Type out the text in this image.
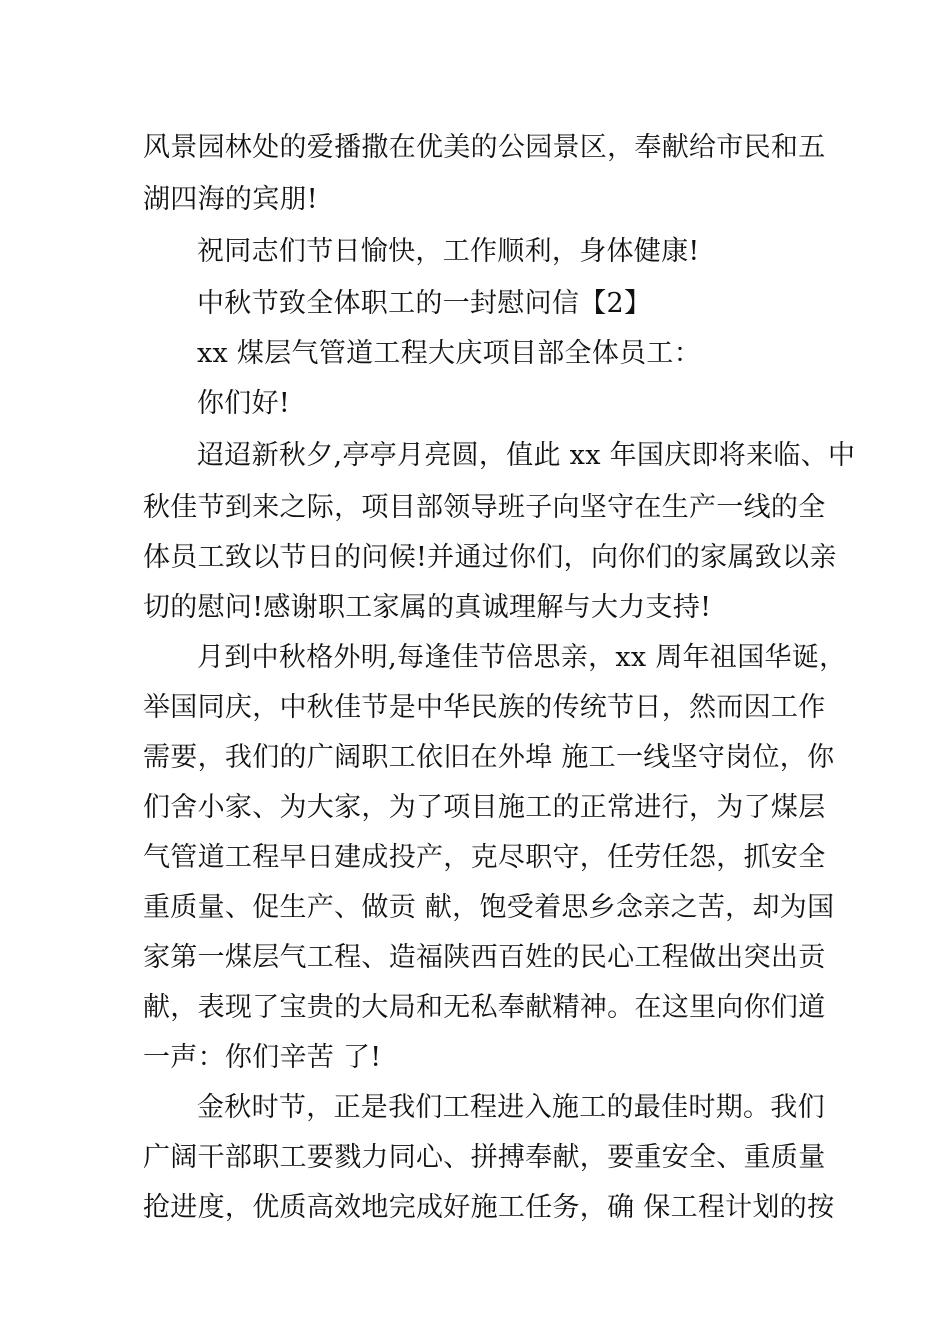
风景园林处的爱播撒在优美的公园景区，奉献给市民和五
湖四海的宾朋!
祝同志们节日愉快，工作顺利，身体健康!
中秋节致全体职工的一封慰问信【2】
xx 煤层气管道工程大庆项目部全体员工：
你们好!
迢迢新秋夕,亭亭月亮圆，值此 xx 年国庆即将来临、中
秋佳节到来之际，项目部领导班子向坚守在生产一线的全
体员工致以节日的问候!并通过你们，向你们的家属致以亲
切的慰问!感谢职工家属的真诚理解与大力支持!
月到中秋格外明,每逢佳节倍思亲，xx 周年祖国华诞，
举国同庆，中秋佳节是中华民族的传统节日，然而因工作
需要，我们的广阔职工依旧在外埠 施工一线坚守岗位，你
们舍小家、为大家，为了项目施工的正常进行，为了煤层
气管道工程早日建成投产，克尽职守，任劳任怨，抓安全
重质量、促生产、做贡 献，饱受着思乡念亲之苦，却为国
家第一煤层气工程、造福陕西百姓的民心工程做出突出贡
献，表现了宝贵的大局和无私奉献精神。在这里向你们道
一声：你们辛苦 了!
金秋时节，正是我们工程进入施工的最佳时期。我们
广阔干部职工要戮力同心、拼搏奉献，要重安全、重质量
抢进度，优质高效地完成好施工任务，确 保工程计划的按
